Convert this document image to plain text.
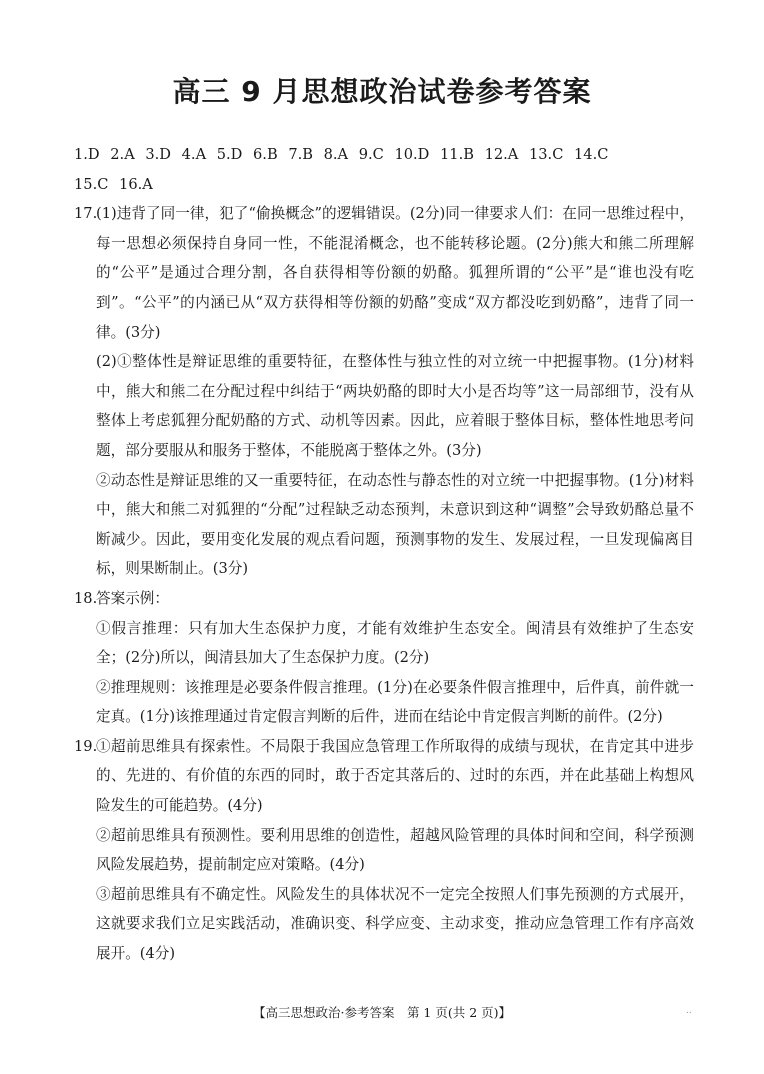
高三 9 月思想政治试卷参考答案
1.D 2.A 3.D 4.A 5.D 6.B 7.B 8.A 9.C 10.D 11.B 12.A 13.C 14.C
15.C 16.A
17.
(1)违背了同一律，犯了“偷换概念”的逻辑错误。(2分)同一律要求人们：在同一思维过程中，每一思想必须保持自身同一性，不能混淆概念，也不能转移论题。(2分)熊大和熊二所理解的“公平”是通过合理分割，各自获得相等份额的奶酪。狐狸所谓的“公平”是“谁也没有吃到”。“公平”的内涵已从“双方获得相等份额的奶酪”变成“双方都没吃到奶酪”，违背了同一律。(3分)
(2)①整体性是辩证思维的重要特征，在整体性与独立性的对立统一中把握事物。(1分)材料中，熊大和熊二在分配过程中纠结于“两块奶酪的即时大小是否均等”这一局部细节，没有从整体上考虑狐狸分配奶酪的方式、动机等因素。因此，应着眼于整体目标，整体性地思考问题，部分要服从和服务于整体，不能脱离于整体之外。(3分)
②动态性是辩证思维的又一重要特征，在动态性与静态性的对立统一中把握事物。(1分)材料中，熊大和熊二对狐狸的“分配”过程缺乏动态预判，未意识到这种“调整”会导致奶酪总量不断减少。因此，要用变化发展的观点看问题，预测事物的发生、发展过程，一旦发现偏离目标，则果断制止。(3分)
18.
答案示例：
①假言推理：只有加大生态保护力度，才能有效维护生态安全。闽清县有效维护了生态安全；(2分)所以，闽清县加大了生态保护力度。(2分)
②推理规则：该推理是必要条件假言推理。(1分)在必要条件假言推理中，后件真，前件就一定真。(1分)该推理通过肯定假言判断的后件，进而在结论中肯定假言判断的前件。(2分)
19.
①超前思维具有探索性。不局限于我国应急管理工作所取得的成绩与现状，在肯定其中进步的、先进的、有价值的东西的同时，敢于否定其落后的、过时的东西，并在此基础上构想风险发生的可能趋势。(4分)
②超前思维具有预测性。要利用思维的创造性，超越风险管理的具体时间和空间，科学预测风险发展趋势，提前制定应对策略。(4分)
③超前思维具有不确定性。风险发生的具体状况不一定完全按照人们事先预测的方式展开，这就要求我们立足实践活动，准确识变、科学应变、主动求变，推动应急管理工作有序高效展开。(4分)
【高三思想政治·参考答案　第 1 页(共 2 页)】	..
